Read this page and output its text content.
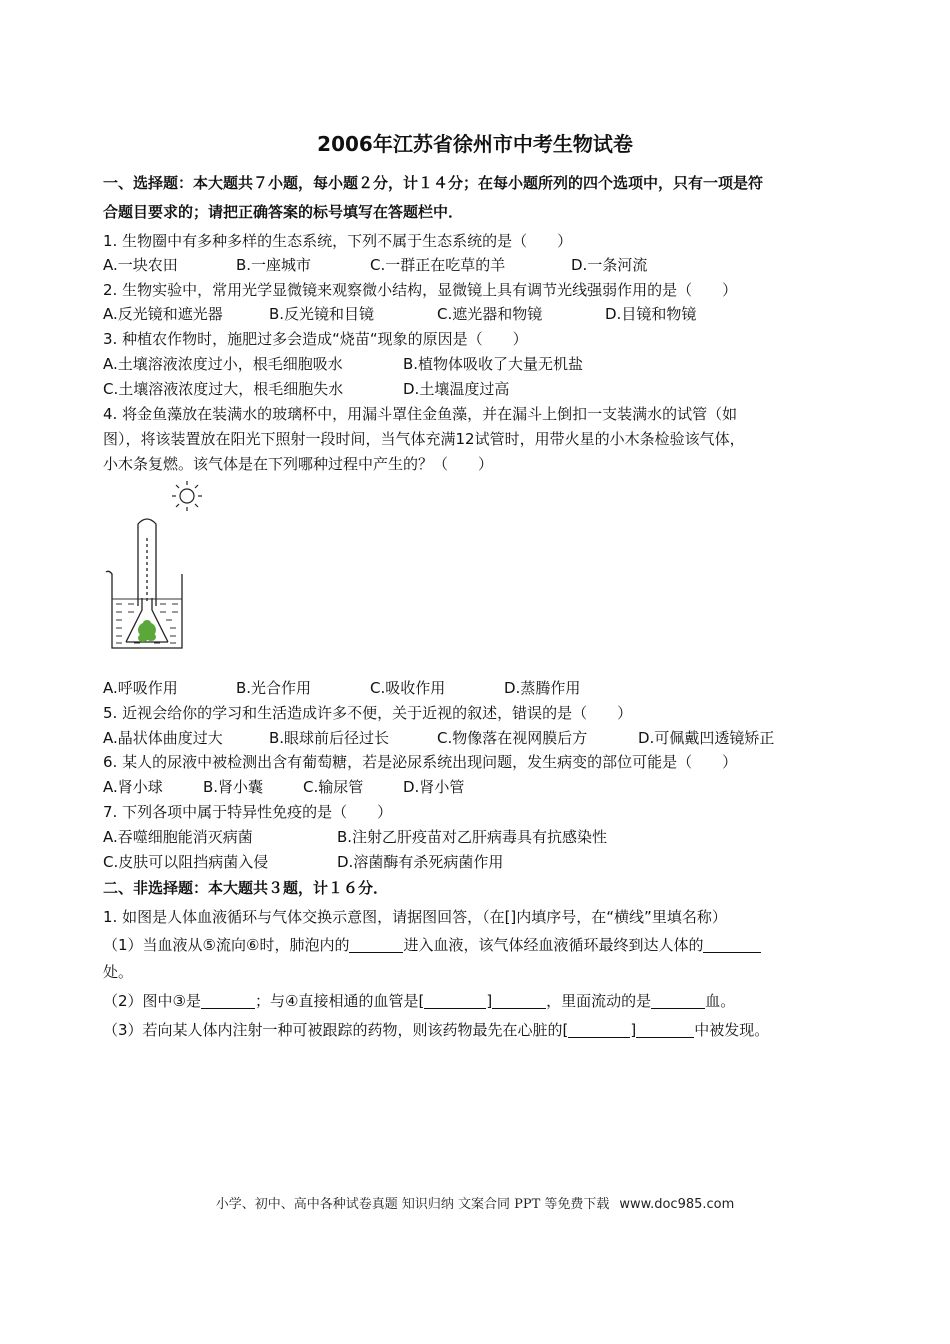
2006年江苏省徐州市中考生物试卷
一、选择题：本大题共７小题，每小题２分，计１４分；在每小题所列的四个选项中，只有一项是符
合题目要求的；请把正确答案的标号填写在答题栏中．
1. 生物圈中有多种多样的生态系统，下列不属于生态系统的是（　　）
A.一块农田	B.一座城市	C.一群正在吃草的羊	D.一条河流
2. 生物实验中，常用光学显微镜来观察微小结构，显微镜上具有调节光线强弱作用的是（　　）
A.反光镜和遮光器	B.反光镜和目镜	C.遮光器和物镜	D.目镜和物镜
3. 种植农作物时，施肥过多会造成“烧苗“现象的原因是（　　）
A.土壤溶液浓度过小，根毛细胞吸水	B.植物体吸收了大量无机盐
C.土壤溶液浓度过大，根毛细胞失水	D.土壤温度过高
4. 将金鱼藻放在装满水的玻璃杯中，用漏斗罩住金鱼藻，并在漏斗上倒扣一支装满水的试管（如
图），将该装置放在阳光下照射一段时间，当气体充满12试管时，用带火星的小木条检验该气体，
小木条复燃。该气体是在下列哪种过程中产生的？（　　）
A.呼吸作用	B.光合作用	C.吸收作用	D.蒸腾作用
5. 近视会给你的学习和生活造成许多不便，关于近视的叙述，错误的是（　　）
A.晶状体曲度过大	B.眼球前后径过长	C.物像落在视网膜后方	D.可佩戴凹透镜矫正
6. 某人的尿液中被检测出含有葡萄糖，若是泌尿系统出现问题，发生病变的部位可能是（　　）
A.肾小球	B.肾小囊	C.输尿管	D.肾小管
7. 下列各项中属于特异性免疫的是（　　）
A.吞噬细胞能消灭病菌	B.注射乙肝疫苗对乙肝病毒具有抗感染性
C.皮肤可以阻挡病菌入侵	D.溶菌酶有杀死病菌作用
二、非选择题：本大题共３题，计１６分．
1. 如图是人体血液循环与气体交换示意图，请据图回答，（在[]内填序号，在“横线”里填名称）
（1）当血液从⑤流向⑥时，肺泡内的	进入血液，该气体经血液循环最终到达人体的
处。
（2）图中③是	；与④直接相通的血管是[	]	，里面流动的是	血。
（3）若向某人体内注射一种可被跟踪的药物，则该药物最先在心脏的[	]	中被发现。
小学、初中、高中各种试卷真题 知识归纳 文案合同 PPT 等免费下载 www.doc985.com
